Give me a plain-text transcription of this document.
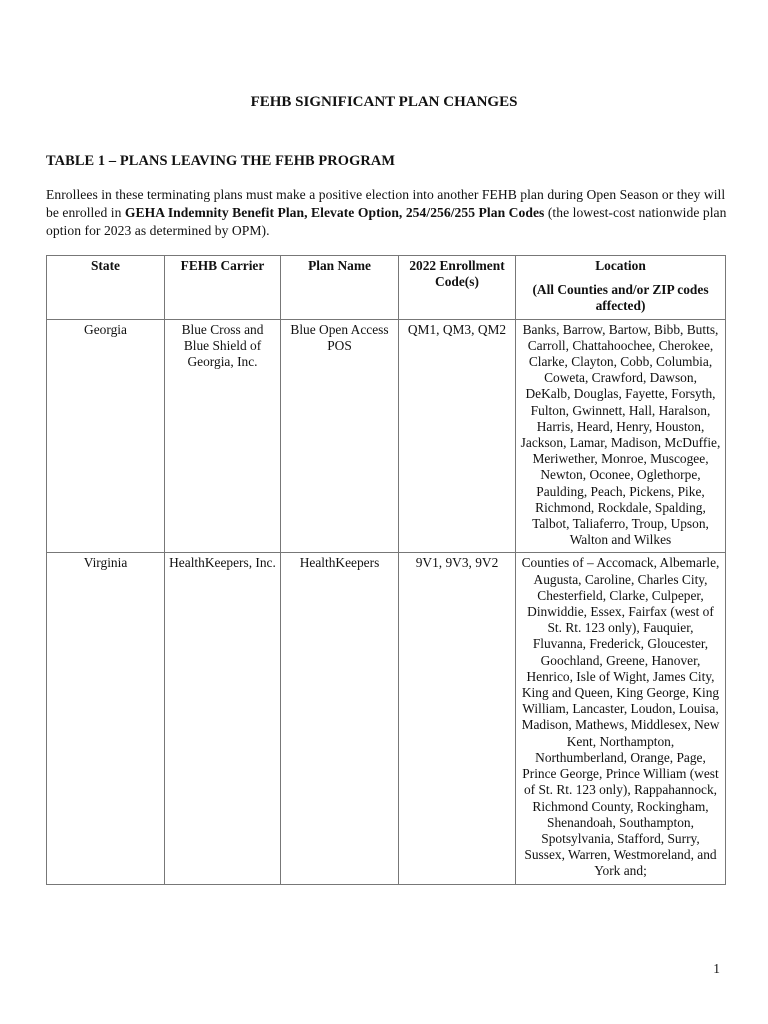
FEHB SIGNIFICANT PLAN CHANGES
TABLE 1 – PLANS LEAVING THE FEHB PROGRAM
Enrollees in these terminating plans must make a positive election into another FEHB plan during Open Season or they will be enrolled in GEHA Indemnity Benefit Plan, Elevate Option, 254/256/255 Plan Codes (the lowest-cost nationwide plan option for 2023 as determined by OPM).
State	FEHB Carrier	Plan Name	2022 Enrollment Code(s)	Location
(All Counties and/or ZIP codes affected)

Georgia	Blue Cross and Blue Shield of Georgia, Inc.	Blue Open Access POS	QM1, QM3, QM2	Banks, Barrow, Bartow, Bibb, Butts, Carroll, Chattahoochee, Cherokee, Clarke, Clayton, Cobb, Columbia, Coweta, Crawford, Dawson, DeKalb, Douglas, Fayette, Forsyth, Fulton, Gwinnett, Hall, Haralson, Harris, Heard, Henry, Houston, Jackson, Lamar, Madison, McDuffie, Meriwether, Monroe, Muscogee, Newton, Oconee, Oglethorpe, Paulding, Peach, Pickens, Pike, Richmond, Rockdale, Spalding, Talbot, Taliaferro, Troup, Upson, Walton and Wilkes
Virginia	HealthKeepers, Inc.	HealthKeepers	9V1, 9V3, 9V2	Counties of – Accomack, Albemarle, Augusta, Caroline, Charles City, Chesterfield, Clarke, Culpeper, Dinwiddie, Essex, Fairfax (west of St. Rt. 123 only), Fauquier, Fluvanna, Frederick, Gloucester, Goochland, Greene, Hanover, Henrico, Isle of Wight, James City, King and Queen, King George, King William, Lancaster, Loudon, Louisa, Madison, Mathews, Middlesex, New Kent, Northampton, Northumberland, Orange, Page, Prince George, Prince William (west of St. Rt. 123 only), Rappahannock, Richmond County, Rockingham, Shenandoah, Southampton, Spotsylvania, Stafford, Surry, Sussex, Warren, Westmoreland, and York and;
1
